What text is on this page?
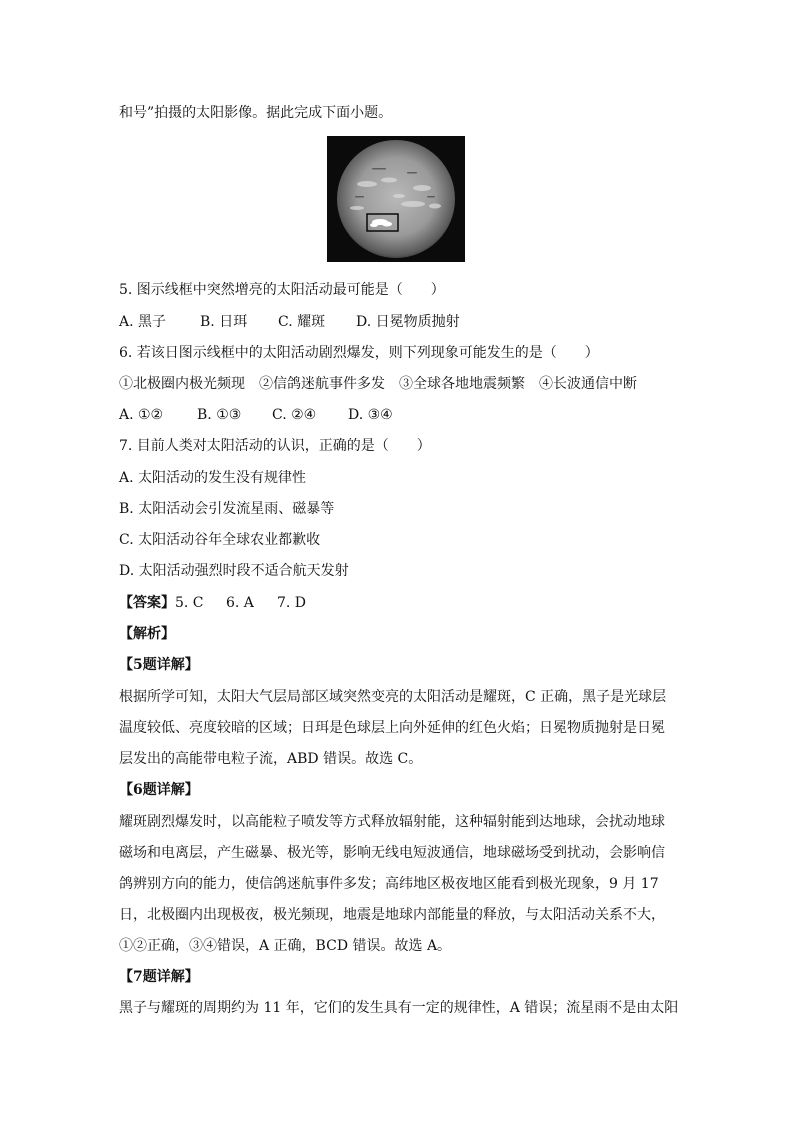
和号”拍摄的太阳影像。据此完成下面小题。
5. 图示线框中突然增亮的太阳活动最可能是（　　）
A. 黑子 B. 日珥 C. 耀斑 D. 日冕物质抛射
6. 若该日图示线框中的太阳活动剧烈爆发，则下列现象可能发生的是（　　）
①北极圈内极光频现　②信鸽迷航事件多发　③全球各地地震频繁　④长波通信中断
A. ①② B. ①③ C. ②④ D. ③④
7. 目前人类对太阳活动的认识，正确的是（　　）
A. 太阳活动的发生没有规律性
B. 太阳活动会引发流星雨、磁暴等
C. 太阳活动谷年全球农业都歉收
D. 太阳活动强烈时段不适合航天发射
【答案】5. C 6. A 7. D
【解析】
【5题详解】
根据所学可知，太阳大气层局部区域突然变亮的太阳活动是耀斑，C 正确，黑子是光球层
温度较低、亮度较暗的区域；日珥是色球层上向外延伸的红色火焰；日冕物质抛射是日冕
层发出的高能带电粒子流，ABD 错误。故选 C。
【6题详解】
耀斑剧烈爆发时，以高能粒子喷发等方式释放辐射能，这种辐射能到达地球，会扰动地球
磁场和电离层，产生磁暴、极光等，影响无线电短波通信，地球磁场受到扰动，会影响信
鸽辨别方向的能力，使信鸽迷航事件多发；高纬地区极夜地区能看到极光现象，9 月 17
日，北极圈内出现极夜，极光频现，地震是地球内部能量的释放，与太阳活动关系不大，
①②正确，③④错误，A 正确，BCD 错误。故选 A。
【7题详解】
黑子与耀斑的周期约为 11 年，它们的发生具有一定的规律性，A 错误；流星雨不是由太阳
